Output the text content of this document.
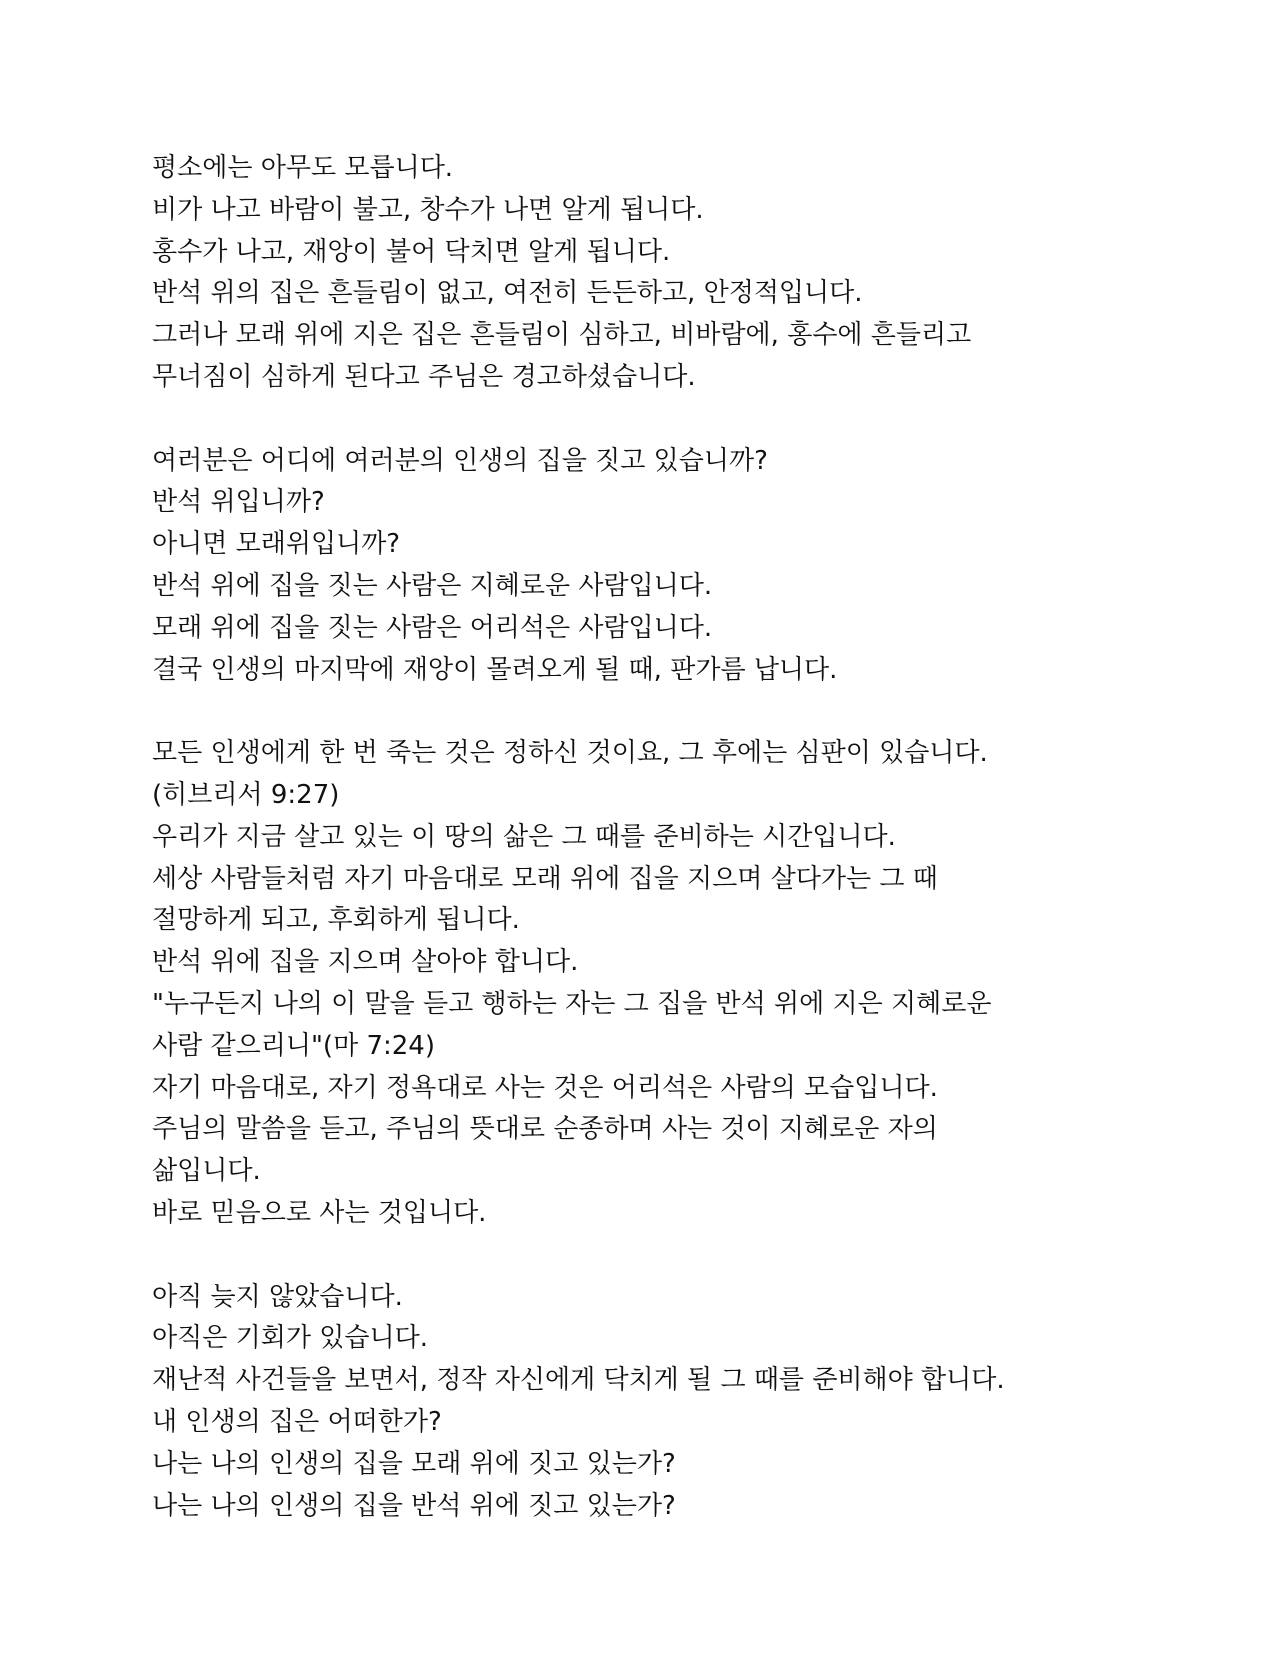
평소에는 아무도 모릅니다.
비가 나고 바람이 불고, 창수가 나면 알게 됩니다.
홍수가 나고, 재앙이 불어 닥치면 알게 됩니다.
반석 위의 집은 흔들림이 없고, 여전히 든든하고, 안정적입니다.
그러나 모래 위에 지은 집은 흔들림이 심하고, 비바람에, 홍수에 흔들리고
무너짐이 심하게 된다고 주님은 경고하셨습니다.
여러분은 어디에 여러분의 인생의 집을 짓고 있습니까?
반석 위입니까?
아니면 모래위입니까?
반석 위에 집을 짓는 사람은 지혜로운 사람입니다.
모래 위에 집을 짓는 사람은 어리석은 사람입니다.
결국 인생의 마지막에 재앙이 몰려오게 될 때, 판가름 납니다.
모든 인생에게 한 번 죽는 것은 정하신 것이요, 그 후에는 심판이 있습니다.
(히브리서 9:27)
우리가 지금 살고 있는 이 땅의 삶은 그 때를 준비하는 시간입니다.
세상 사람들처럼 자기 마음대로 모래 위에 집을 지으며 살다가는 그 때
절망하게 되고, 후회하게 됩니다.
반석 위에 집을 지으며 살아야 합니다.
"누구든지 나의 이 말을 듣고 행하는 자는 그 집을 반석 위에 지은 지혜로운
사람 같으리니"(마 7:24)
자기 마음대로, 자기 정욕대로 사는 것은 어리석은 사람의 모습입니다.
주님의 말씀을 듣고, 주님의 뜻대로 순종하며 사는 것이 지혜로운 자의
삶입니다.
바로 믿음으로 사는 것입니다.
아직 늦지 않았습니다.
아직은 기회가 있습니다.
재난적 사건들을 보면서, 정작 자신에게 닥치게 될 그 때를 준비해야 합니다.
내 인생의 집은 어떠한가?
나는 나의 인생의 집을 모래 위에 짓고 있는가?
나는 나의 인생의 집을 반석 위에 짓고 있는가?
